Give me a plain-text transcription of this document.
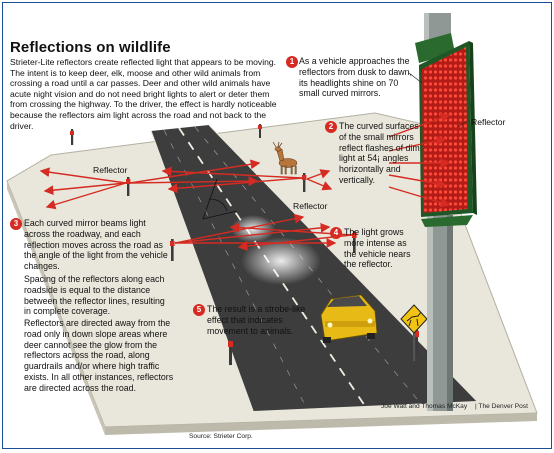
Reflections on wildlife

Strieter-Lite reflectors create reflected light that appears to be moving. The intent is to keep deer, elk, moose and other wild animals from crossing a road until a car passes. Deer and other wild animals have acute night vision and do not need bright lights to alert or deter them from crossing the highway. To the driver, the effect is hardly noticeable because the reflectors aim light across the road and not back to the driver.

Reflector
Reflector
Reflector
1 As a vehicle approaches the reflectors from dusk to dawn, its headlights shine on 70 small curved mirrors.

2 The curved surfaces of the small mirrors reflect flashes of dim light at 54¡ angles horizontally and vertically.

3 Each curved mirror beams light across the roadway, and each reflection moves across the road as the angle of the light from the vehicle changes.

4 The light grows more intense as the vehicle nears the reflector.

5 The result is a strobe-like effect that indicates movement to animals.

Spacing of the reflectors along each roadside is equal to the distance between the reflector lines, resulting in complete coverage.

Reflectors are directed away from the road only in down slope areas where deer cannot see the glow from the reflectors across the road, along guardrails and/or where high traffic exists. In all other instances, reflectors are directed across the road.

Joe Watt and Thomas McKay | The Denver Post
Source: Strieter Corp.
